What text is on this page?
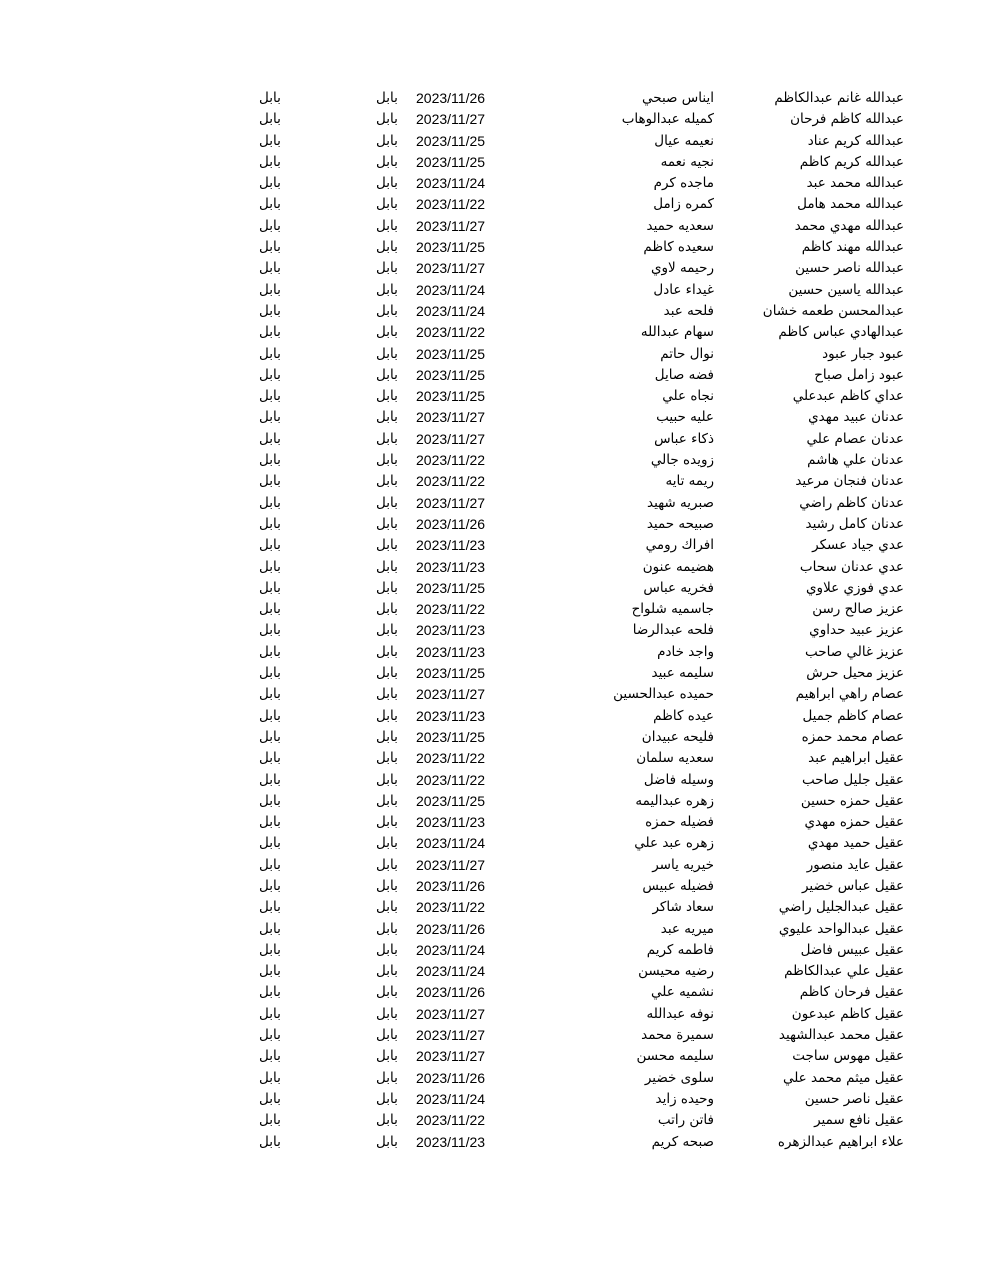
عبدالله غانم عبدالكاظم
ايناس صبحي
2023/11/26
بابل
بابل
عبدالله كاظم فرحان
كميله عبدالوهاب
2023/11/27
بابل
بابل
عبدالله كريم عناد
نعيمه عيال
2023/11/25
بابل
بابل
عبدالله كريم كاظم
نجيه نعمه
2023/11/25
بابل
بابل
عبدالله محمد عبد
ماجده كرم
2023/11/24
بابل
بابل
عبدالله محمد هامل
كمره زامل
2023/11/22
بابل
بابل
عبدالله مهدي محمد
سعديه حميد
2023/11/27
بابل
بابل
عبدالله مهند كاظم
سعيده كاظم
2023/11/25
بابل
بابل
عبدالله ناصر حسين
رحيمه لاوي
2023/11/27
بابل
بابل
عبدالله ياسين حسين
غيداء عادل
2023/11/24
بابل
بابل
عبدالمحسن طعمه خشان
فلحه عبد
2023/11/24
بابل
بابل
عبدالهادي عباس كاظم
سهام عبدالله
2023/11/22
بابل
بابل
عبود جبار عبود
نوال حاتم
2023/11/25
بابل
بابل
عبود زامل صباح
فضه صايل
2023/11/25
بابل
بابل
عداي كاظم عبدعلي
نجاه علي
2023/11/25
بابل
بابل
عدنان عبيد مهدي
عليه حبيب
2023/11/27
بابل
بابل
عدنان عصام علي
ذكاء عباس
2023/11/27
بابل
بابل
عدنان علي هاشم
زويده جالي
2023/11/22
بابل
بابل
عدنان فنجان مرعيد
ريمه تايه
2023/11/22
بابل
بابل
عدنان كاظم راضي
صبريه شهيد
2023/11/27
بابل
بابل
عدنان كامل رشيد
صبيحه حميد
2023/11/26
بابل
بابل
عدي جياد عسكر
افراك رومي
2023/11/23
بابل
بابل
عدي عدنان سحاب
هضيمه عنون
2023/11/23
بابل
بابل
عدي فوزي علاوي
فخريه عباس
2023/11/25
بابل
بابل
عزيز صالح رسن
جاسميه شلواح
2023/11/22
بابل
بابل
عزيز عبيد حداوي
فلحه عبدالرضا
2023/11/23
بابل
بابل
عزيز غالي صاحب
واجد خادم
2023/11/23
بابل
بابل
عزيز محيل حرش
سليمه عبيد
2023/11/25
بابل
بابل
عصام راهي ابراهيم
حميده عبدالحسين
2023/11/27
بابل
بابل
عصام كاظم جميل
عيده كاظم
2023/11/23
بابل
بابل
عصام محمد حمزه
فليحه عبيدان
2023/11/25
بابل
بابل
عقيل ابراهيم عبد
سعديه سلمان
2023/11/22
بابل
بابل
عقيل جليل صاحب
وسيله فاضل
2023/11/22
بابل
بابل
عقيل حمزه حسين
زهره عبداليمه
2023/11/25
بابل
بابل
عقيل حمزه مهدي
فضيله حمزه
2023/11/23
بابل
بابل
عقيل حميد مهدي
زهره عبد علي
2023/11/24
بابل
بابل
عقيل عايد منصور
خيريه ياسر
2023/11/27
بابل
بابل
عقيل عباس خضير
فضيله عبيس
2023/11/26
بابل
بابل
عقيل عبدالجليل راضي
سعاد شاكر
2023/11/22
بابل
بابل
عقيل عبدالواحد عليوي
ميريه عبد
2023/11/26
بابل
بابل
عقيل عبيس فاضل
فاطمه كريم
2023/11/24
بابل
بابل
عقيل علي عبدالكاظم
رضيه محيسن
2023/11/24
بابل
بابل
عقيل فرحان كاظم
نشميه علي
2023/11/26
بابل
بابل
عقيل كاظم عبدعون
نوفه عبدالله
2023/11/27
بابل
بابل
عقيل محمد عبدالشهيد
سميرة محمد
2023/11/27
بابل
بابل
عقيل مهوس ساجت
سليمه محسن
2023/11/27
بابل
بابل
عقيل ميثم محمد علي
سلوى خضير
2023/11/26
بابل
بابل
عقيل ناصر حسين
وحيده زايد
2023/11/24
بابل
بابل
عقيل نافع سمير
فاتن راتب
2023/11/22
بابل
بابل
علاء ابراهيم عبدالزهره
صبحه كريم
2023/11/23
بابل
بابل
